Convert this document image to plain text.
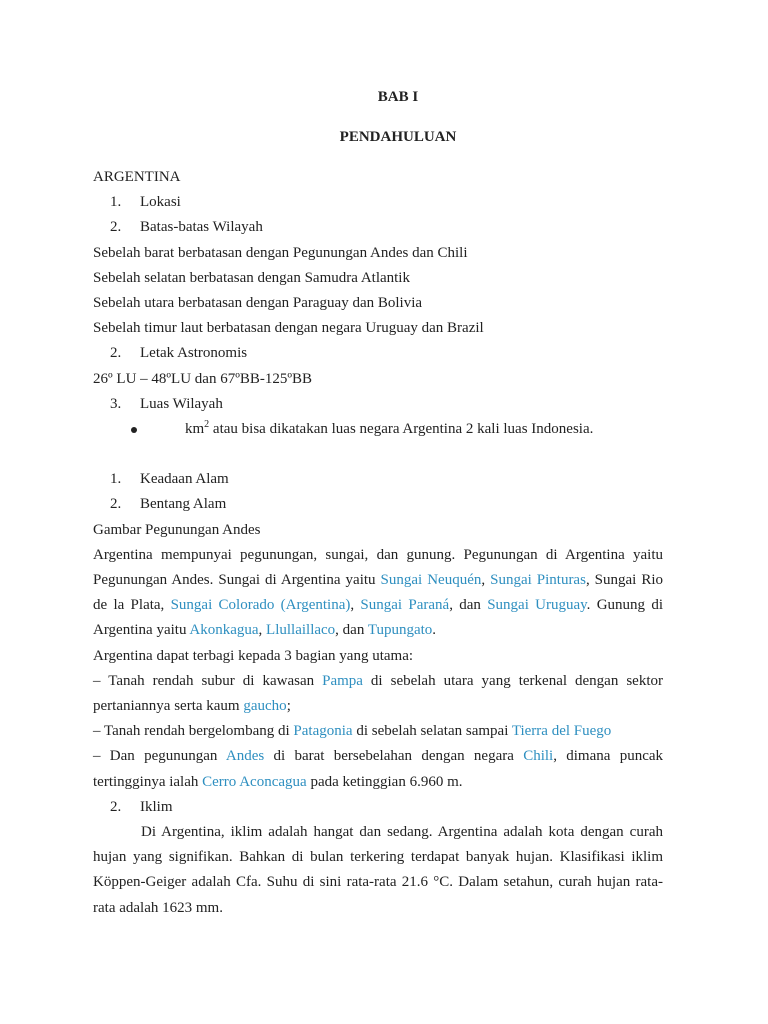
BAB I
PENDAHULUAN
ARGENTINA
1. Lokasi
2. Batas-batas Wilayah
Sebelah barat berbatasan dengan Pegunungan Andes dan Chili
Sebelah selatan berbatasan dengan Samudra Atlantik
Sebelah utara berbatasan dengan Paraguay dan Bolivia
Sebelah timur laut berbatasan dengan negara Uruguay dan Brazil
2. Letak Astronomis
26º LU – 48ºLU dan 67ºBB-125ºBB
3. Luas Wilayah
$km^2$ atau bisa dikatakan luas negara Argentina 2 kali luas Indonesia.
1. Keadaan Alam
2. Bentang Alam
Gambar Pegunungan Andes
Argentina mempunyai pegunungan, sungai, dan gunung. Pegunungan di Argentina yaitu Pegunungan Andes. Sungai di Argentina yaitu Sungai Neuquén, Sungai Pinturas, Sungai Rio de la Plata, Sungai Colorado (Argentina), Sungai Paraná, dan Sungai Uruguay. Gunung di Argentina yaitu Akonkagua, Llullaillaco, dan Tupungato.
Argentina dapat terbagi kepada 3 bagian yang utama:
– Tanah rendah subur di kawasan Pampa di sebelah utara yang terkenal dengan sektor pertaniannya serta kaum gaucho;
– Tanah rendah bergelombang di Patagonia di sebelah selatan sampai Tierra del Fuego
– Dan pegunungan Andes di barat bersebelahan dengan negara Chili, dimana puncak tertingginya ialah Cerro Aconcagua pada ketinggian 6.960 m.
2. Iklim
Di Argentina, iklim adalah hangat dan sedang. Argentina adalah kota dengan curah hujan yang signifikan. Bahkan di bulan terkering terdapat banyak hujan. Klasifikasi iklim Köppen-Geiger adalah Cfa. Suhu di sini rata-rata 21.6 °C. Dalam setahun, curah hujan rata-rata adalah 1623 mm.
